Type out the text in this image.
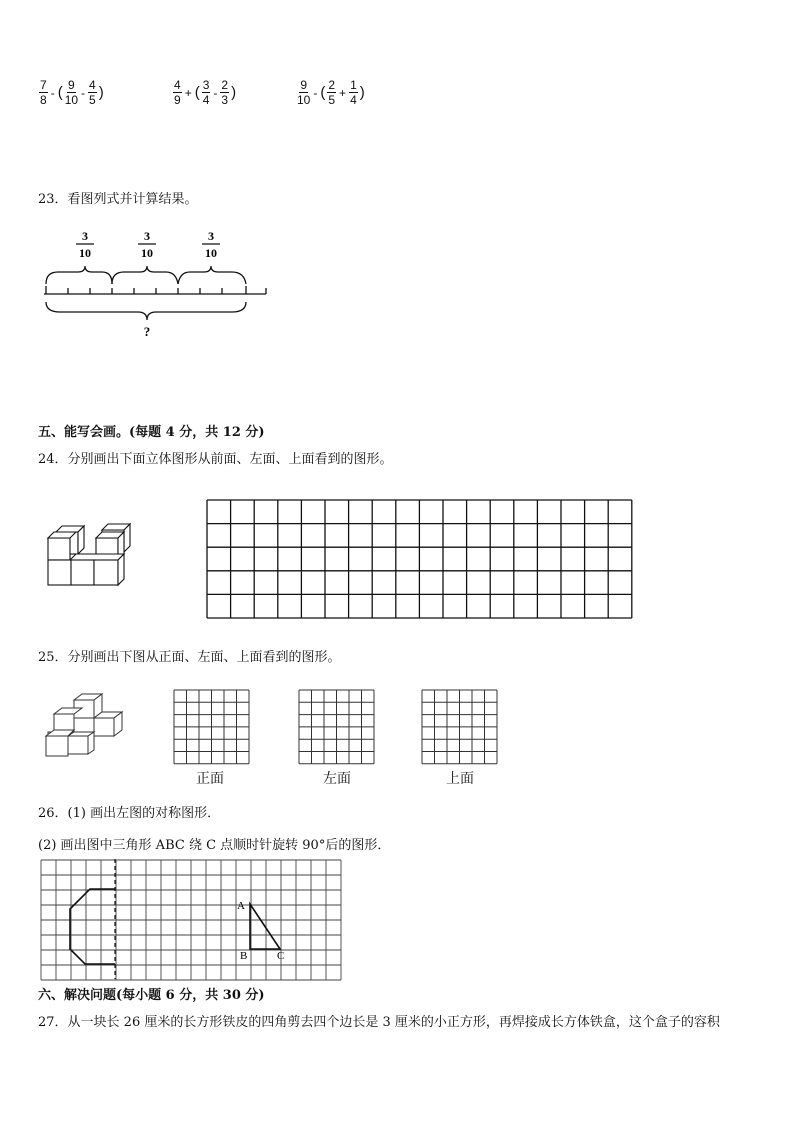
$\frac{7}{8}$ - ( $\frac{9}{10} - \frac{4}{5}$ )	$\frac{4}{9}$ + ( $\frac{3}{4} - \frac{2}{3}$ )	$\frac{9}{10}$ - ( $\frac{2}{5} + \frac{1}{4}$ )
23．看图列式并计算结果。
3
10
3
10
3
10
?
五、能写会画。(每题 4 分，共 12 分)
24．分别画出下面立体图形从前面、左面、上面看到的图形。
25．分别画出下图从正面、左面、上面看到的图形。
正面	左面	上面
26．(1) 画出左图的对称图形．
(2) 画出图中三角形 ABC 绕 C 点顺时针旋转 90°后的图形．
A
B	C
六、解决问题(每小题 6 分，共 30 分)
27．从一块长 26 厘米的长方形铁皮的四角剪去四个边长是 3 厘米的小正方形，再焊接成长方体铁盒，这个盒子的容积
